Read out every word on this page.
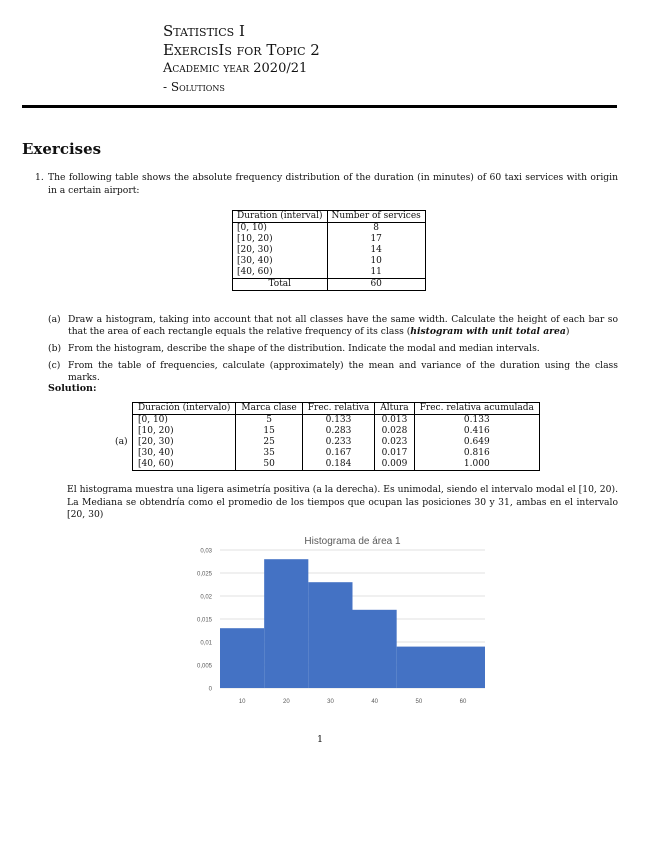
Statistics I
ExercisIs for Topic 2
Academic year 2020/21
- Solutions
Exercises
1. The following table shows the absolute frequency distribution of the duration (in minutes) of 60 taxi services with origin in a certain airport:
Duration (interval)	Number of services
[0, 10)	8
[10, 20)	17
[20, 30)	14
[30, 40)	10
[40, 60)	11
Total	60
(a) Draw a histogram, taking into account that not all classes have the same width. Calculate the height of each bar so that the area of each rectangle equals the relative frequency of its class (histogram with unit total area)
(b) From the histogram, describe the shape of the distribution. Indicate the modal and median intervals.
(c) From the table of frequencies, calculate (approximately) the mean and variance of the duration using the class marks.
Solution:
(a)
Duración (intervalo)	Marca clase	Frec. relativa	Altura	Frec. relativa acumulada
[0, 10)	5	0.133	0.013	0.133
[10, 20)	15	0.283	0.028	0.416
[20, 30)	25	0.233	0.023	0.649
[30, 40)	35	0.167	0.017	0.816
[40, 60)	50	0.184	0.009	1.000
El histograma muestra una ligera asimetría positiva (a la derecha). Es unimodal, siendo el intervalo modal el [10, 20). La Mediana se obtendría como el promedio de los tiempos que ocupan las posiciones 30 y 31, ambas en el intervalo [20, 30)
Histograma de área 1
0
0,005
0,01
0,015
0,02
0,025
0,03
10	20	30	40	50	60
1
